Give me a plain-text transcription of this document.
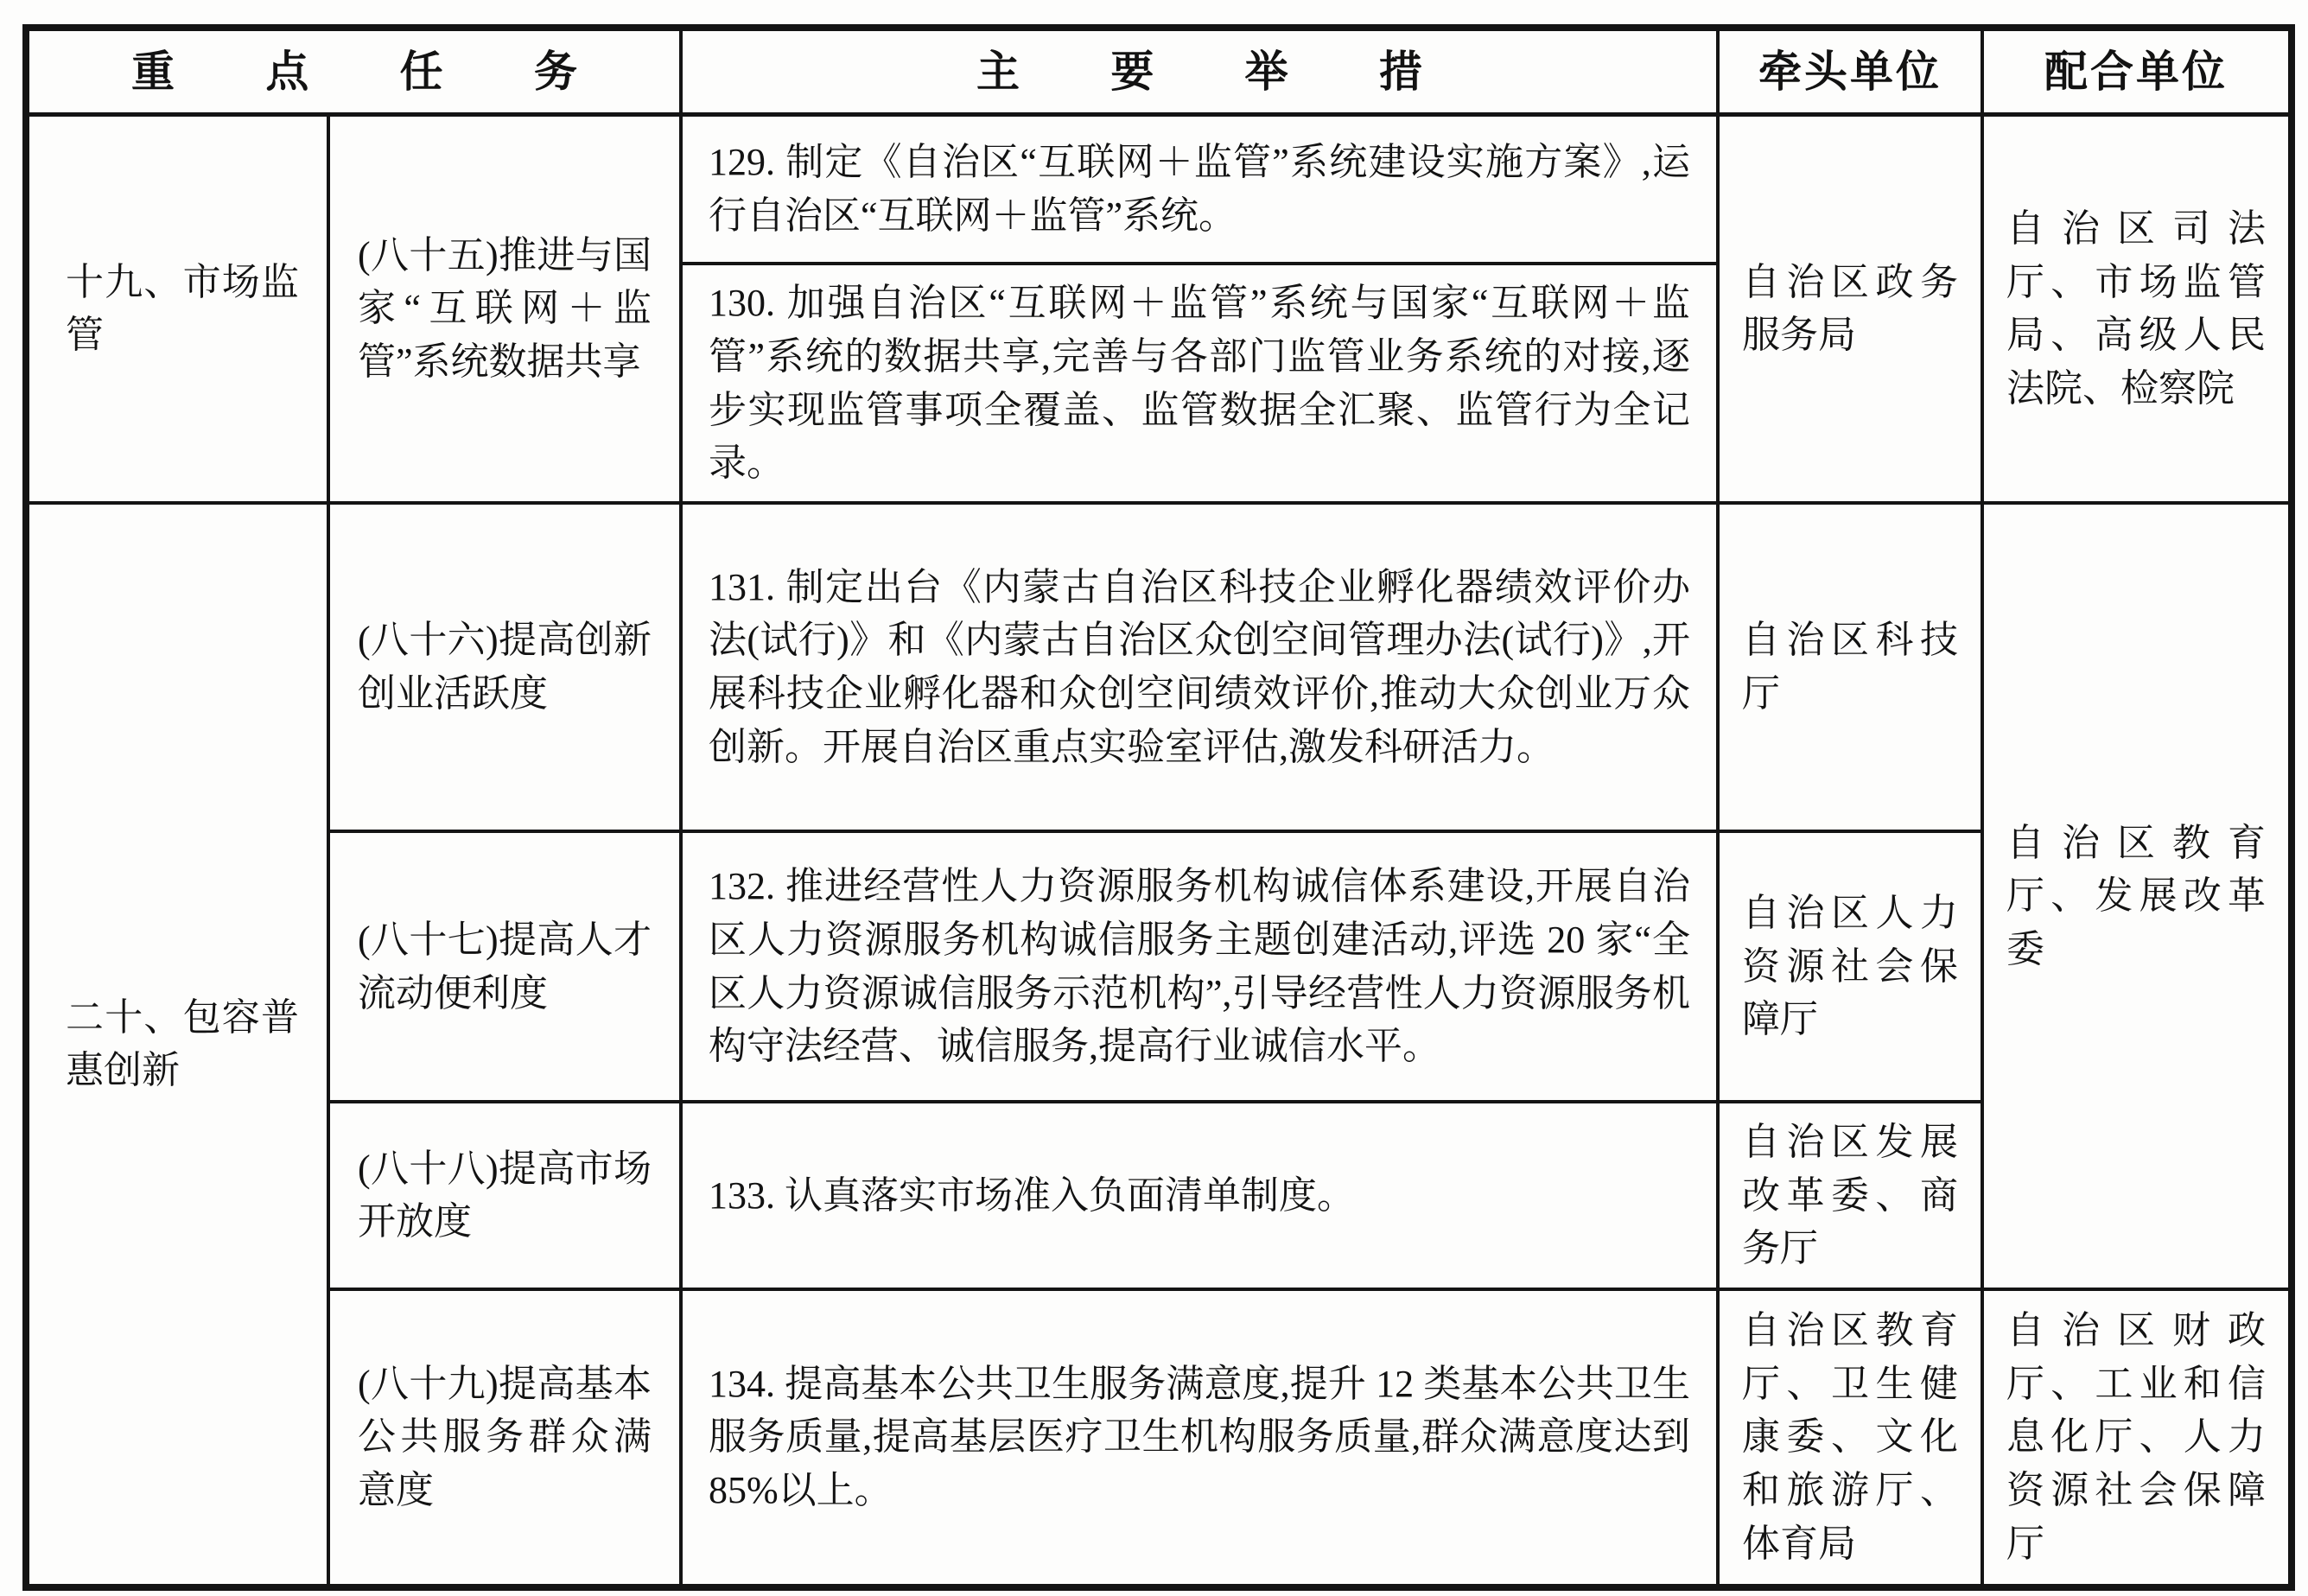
重点任务		主要举措	牵头单位	配合单位
十九、市场监管	(八十五)推进与国家“互联网＋监管”系统数据共享	129. 制定《自治区“互联网＋监管”系统建设实施方案》,运行自治区“互联网＋监管”系统。	自治区政务服务局	自治区司法厅、市场监管局、高级人民法院、检察院
		130. 加强自治区“互联网＋监管”系统与国家“互联网＋监管”系统的数据共享,完善与各部门监管业务系统的对接,逐步实现监管事项全覆盖、监管数据全汇聚、监管行为全记录。		
二十、包容普惠创新	(八十六)提高创新创业活跃度	131. 制定出台《内蒙古自治区科技企业孵化器绩效评价办法(试行)》和《内蒙古自治区众创空间管理办法(试行)》,开展科技企业孵化器和众创空间绩效评价,推动大众创业万众创新。开展自治区重点实验室评估,激发科研活力。	自治区科技厅	自治区教育厅、发展改革委
	(八十七)提高人才流动便利度	132. 推进经营性人力资源服务机构诚信体系建设,开展自治区人力资源服务机构诚信服务主题创建活动,评选 20 家“全区人力资源诚信服务示范机构”,引导经营性人力资源服务机构守法经营、诚信服务,提高行业诚信水平。	自治区人力资源社会保障厅	
	(八十八)提高市场开放度	133. 认真落实市场准入负面清单制度。	自治区发展改革委、商务厅	
	(八十九)提高基本公共服务群众满意度	134. 提高基本公共卫生服务满意度,提升 12 类基本公共卫生服务质量,提高基层医疗卫生机构服务质量,群众满意度达到 85%以上。	自治区教育厅、卫生健康委、文化和旅游厅、体育局	自治区财政厅、工业和信息化厅、人力资源社会保障厅
